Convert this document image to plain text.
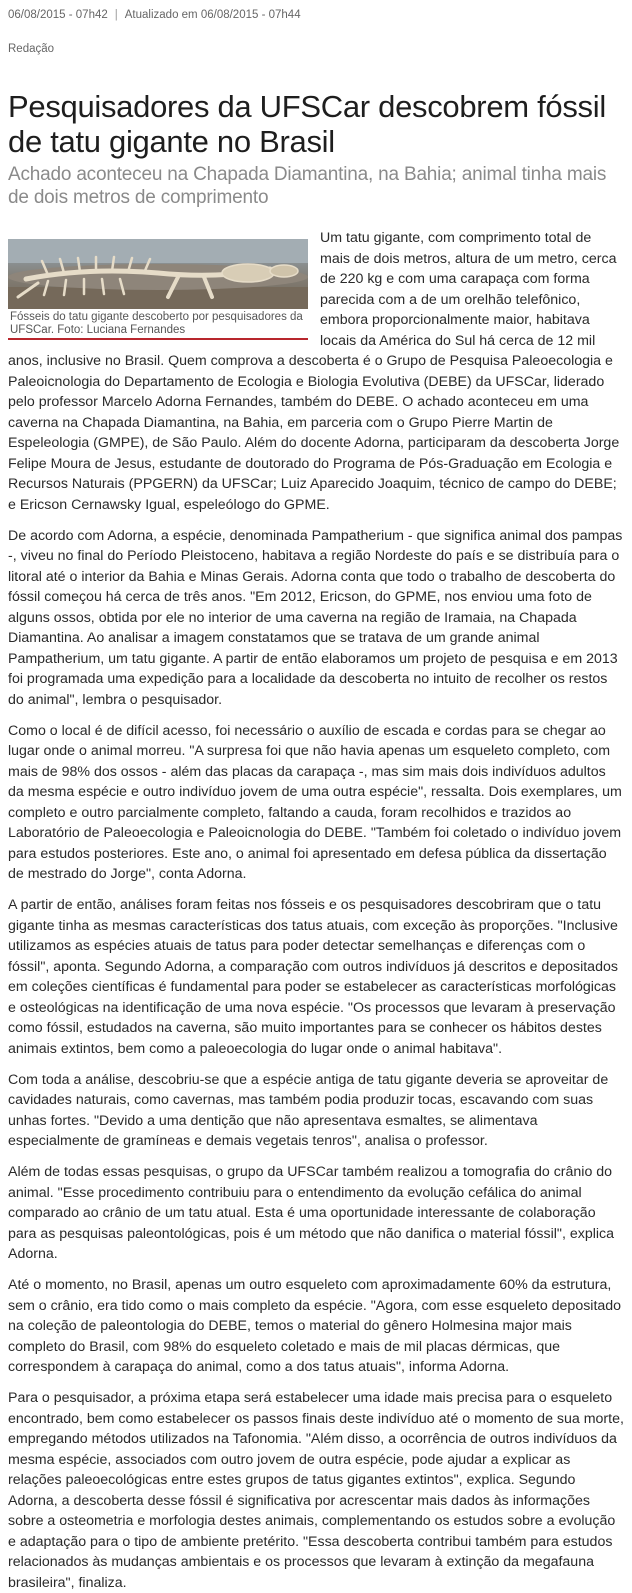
06/08/2015 - 07h42 | Atualizado em 06/08/2015 - 07h44
Redação
Pesquisadores da UFSCar descobrem fóssil de tatu gigante no Brasil
Achado aconteceu na Chapada Diamantina, na Bahia; animal tinha mais de dois metros de comprimento
Fósseis do tatu gigante descoberto por pesquisadores da UFSCar. Foto: Luciana Fernandes

Um tatu gigante, com comprimento total de mais de dois metros, altura de um metro, cerca de 220 kg e com uma carapaça com forma parecida com a de um orelhão telefônico, embora proporcionalmente maior, habitava locais da América do Sul há cerca de 12 mil anos, inclusive no Brasil. Quem comprova a descoberta é o Grupo de Pesquisa Paleoecologia e Paleoicnologia do Departamento de Ecologia e Biologia Evolutiva (DEBE) da UFSCar, liderado pelo professor Marcelo Adorna Fernandes, também do DEBE. O achado aconteceu em uma caverna na Chapada Diamantina, na Bahia, em parceria com o Grupo Pierre Martin de Espeleologia (GMPE), de São Paulo. Além do docente Adorna, participaram da descoberta Jorge Felipe Moura de Jesus, estudante de doutorado do Programa de Pós-Graduação em Ecologia e Recursos Naturais (PPGERN) da UFSCar; Luiz Aparecido Joaquim, técnico de campo do DEBE; e Ericson Cernawsky Igual, espeleólogo do GPME.

De acordo com Adorna, a espécie, denominada Pampatherium - que significa animal dos pampas -, viveu no final do Período Pleistoceno, habitava a região Nordeste do país e se distribuía para o litoral até o interior da Bahia e Minas Gerais. Adorna conta que todo o trabalho de descoberta do fóssil começou há cerca de três anos. "Em 2012, Ericson, do GPME, nos enviou uma foto de alguns ossos, obtida por ele no interior de uma caverna na região de Iramaia, na Chapada Diamantina. Ao analisar a imagem constatamos que se tratava de um grande animal Pampatherium, um tatu gigante. A partir de então elaboramos um projeto de pesquisa e em 2013 foi programada uma expedição para a localidade da descoberta no intuito de recolher os restos do animal", lembra o pesquisador.

Como o local é de difícil acesso, foi necessário o auxílio de escada e cordas para se chegar ao lugar onde o animal morreu. "A surpresa foi que não havia apenas um esqueleto completo, com mais de 98% dos ossos - além das placas da carapaça -, mas sim mais dois indivíduos adultos da mesma espécie e outro indivíduo jovem de uma outra espécie", ressalta. Dois exemplares, um completo e outro parcialmente completo, faltando a cauda, foram recolhidos e trazidos ao Laboratório de Paleoecologia e Paleoicnologia do DEBE. "Também foi coletado o indivíduo jovem para estudos posteriores. Este ano, o animal foi apresentado em defesa pública da dissertação de mestrado do Jorge", conta Adorna.

A partir de então, análises foram feitas nos fósseis e os pesquisadores descobriram que o tatu gigante tinha as mesmas características dos tatus atuais, com exceção às proporções. "Inclusive utilizamos as espécies atuais de tatus para poder detectar semelhanças e diferenças com o fóssil", aponta. Segundo Adorna, a comparação com outros indivíduos já descritos e depositados em coleções científicas é fundamental para poder se estabelecer as características morfológicas e osteológicas na identificação de uma nova espécie. "Os processos que levaram à preservação como fóssil, estudados na caverna, são muito importantes para se conhecer os hábitos destes animais extintos, bem como a paleoecologia do lugar onde o animal habitava".

Com toda a análise, descobriu-se que a espécie antiga de tatu gigante deveria se aproveitar de cavidades naturais, como cavernas, mas também podia produzir tocas, escavando com suas unhas fortes. "Devido a uma dentição que não apresentava esmaltes, se alimentava especialmente de gramíneas e demais vegetais tenros", analisa o professor.

Além de todas essas pesquisas, o grupo da UFSCar também realizou a tomografia do crânio do animal. "Esse procedimento contribuiu para o entendimento da evolução cefálica do animal comparado ao crânio de um tatu atual. Esta é uma oportunidade interessante de colaboração para as pesquisas paleontológicas, pois é um método que não danifica o material fóssil", explica Adorna.

Até o momento, no Brasil, apenas um outro esqueleto com aproximadamente 60% da estrutura, sem o crânio, era tido como o mais completo da espécie. "Agora, com esse esqueleto depositado na coleção de paleontologia do DEBE, temos o material do gênero Holmesina major mais completo do Brasil, com 98% do esqueleto coletado e mais de mil placas dérmicas, que correspondem à carapaça do animal, como a dos tatus atuais", informa Adorna.

Para o pesquisador, a próxima etapa será estabelecer uma idade mais precisa para o esqueleto encontrado, bem como estabelecer os passos finais deste indivíduo até o momento de sua morte, empregando métodos utilizados na Tafonomia. "Além disso, a ocorrência de outros indivíduos da mesma espécie, associados com outro jovem de outra espécie, pode ajudar a explicar as relações paleoecológicas entre estes grupos de tatus gigantes extintos", explica. Segundo Adorna, a descoberta desse fóssil é significativa por acrescentar mais dados às informações sobre a osteometria e morfologia destes animais, complementando os estudos sobre a evolução e adaptação para o tipo de ambiente pretérito. "Essa descoberta contribui também para estudos relacionados às mudanças ambientais e os processos que levaram à extinção da megafauna brasileira", finaliza.
